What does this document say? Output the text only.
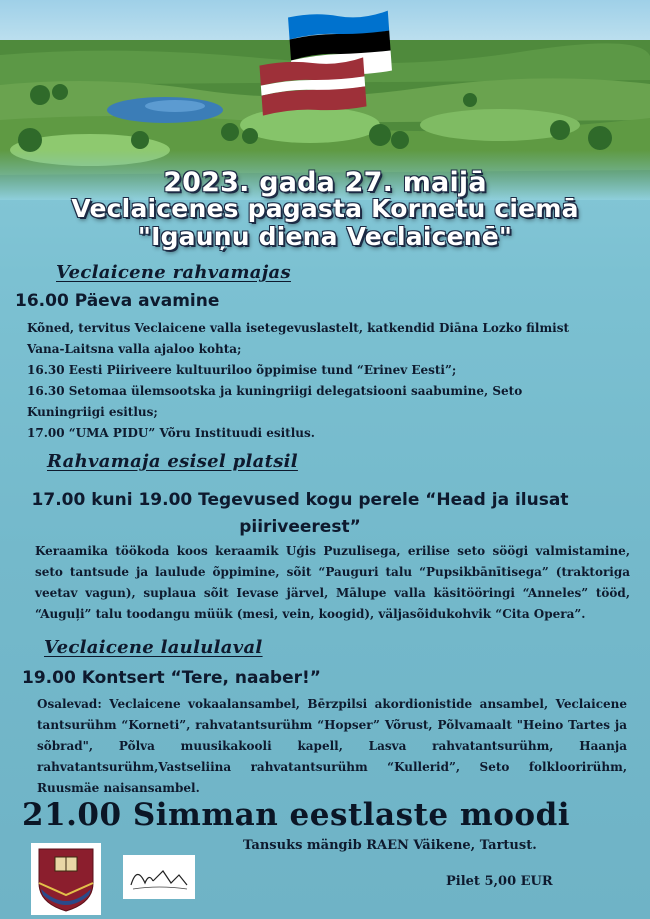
2023. gada 27. maijā
Veclaicenes pagasta Kornetu ciemā
"Igauņu diena Veclaicenē"
Veclaicene rahvamajas
16.00 Päeva avamine

Kõned, tervitus Veclaicene valla isetegevuslastelt, katkendid Diāna Lozko filmist

Vana-Laitsna valla ajaloo kohta;

16.30 Eesti Piiriveere kultuuriloo õppimise tund “Erinev Eesti”;

16.30 Setomaa ülemsootska ja kuningriigi delegatsiooni saabumine, Seto

Kuningriigi esitlus;

17.00 “UMA PIDU” Võru Instituudi esitlus.

Rahvamaja esisel platsil
17.00 kuni 19.00 Tegevused kogu perele “Head ja ilusat piiriveerest”
Keraamika töökoda koos keraamik Uģis Puzulisega, erilise seto söögi valmistamine, seto tantsude ja laulude õppimine, sõit “Pauguri talu “Pupsikbānītisega” (traktoriga veetav vagun), suplaua sõit Ievase järvel, Mālupe valla käsitööringi “Anneles” tööd, “Auguļi” talu toodangu müük (mesi, vein, koogid), väljasõidukohvik “Cita Opera”.
Veclaicene laululaval
19.00 Kontsert “Tere, naaber!”
Osalevad: Veclaicene vokaalansambel, Bērzpilsi akordionistide ansambel, Veclaicene tantsurühm “Korneti”, rahvatantsurühm “Hopser” Võrust, Põlvamaalt "Heino Tartes ja sõbrad", Põlva muusikakooli kapell, Lasva rahvatantsurühm, Haanja rahvatantsurühm,Vastseliina rahvatantsurühm “Kullerid”, Seto folkloorirühm, Ruusmäe naisansambel.
21.00 Simman eestlaste moodi
Tansuks mängib RAEN Väikene, Tartust.
Pilet 5,00 EUR
